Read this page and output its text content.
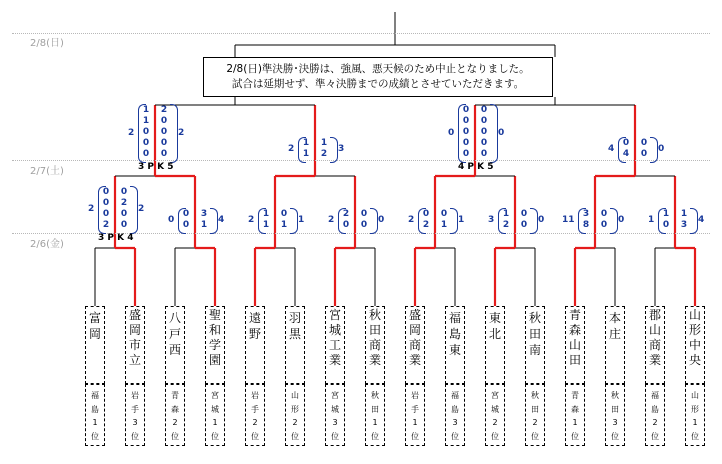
2/8(日)
2/7(土)
2/6(金)
2/8(日)準決勝･決勝は、強風、悪天候のため中止となりました。
試合は延期せず、準々決勝までの成績とさせていただきます。
富
岡
福
島
1
位
盛
岡
市
立
岩
手
3
位
八
戸
西
青
森
2
位
聖
和
学
園
宮
城
1
位
遠
野
岩
手
2
位
羽
黒
山
形
2
位
宮
城
工
業
宮
城
3
位
秋
田
商
業
秋
田
1
位
盛
岡
商
業
岩
手
1
位
福
島
東
福
島
3
位
東
北
宮
城
2
位
秋
田
南
秋
田
2
位
青
森
山
田
青
森
1
位
本
庄
秋
田
3
位
郡
山
商
業
福
島
2
位
山
形
中
央
山
形
1
位
0
0
0
2
0
2
0
0
2	2
3 P K 4
0
0
3
1
0	4
1
1
0
1
2	1
2
0
0
0
2	0
0
2
0
1
2	1
1
2
0
0
3	0
3
8
0
0
11	0
1
0
1
3
1	4
1
1
0
0
0
2
0
0
0
0
2	2
3 P K 5
1
1
1
2
2	3
0
0
0
0
0
0
0
0
0
0
0	0
4 P K 5
0
4
0
0
4	0
